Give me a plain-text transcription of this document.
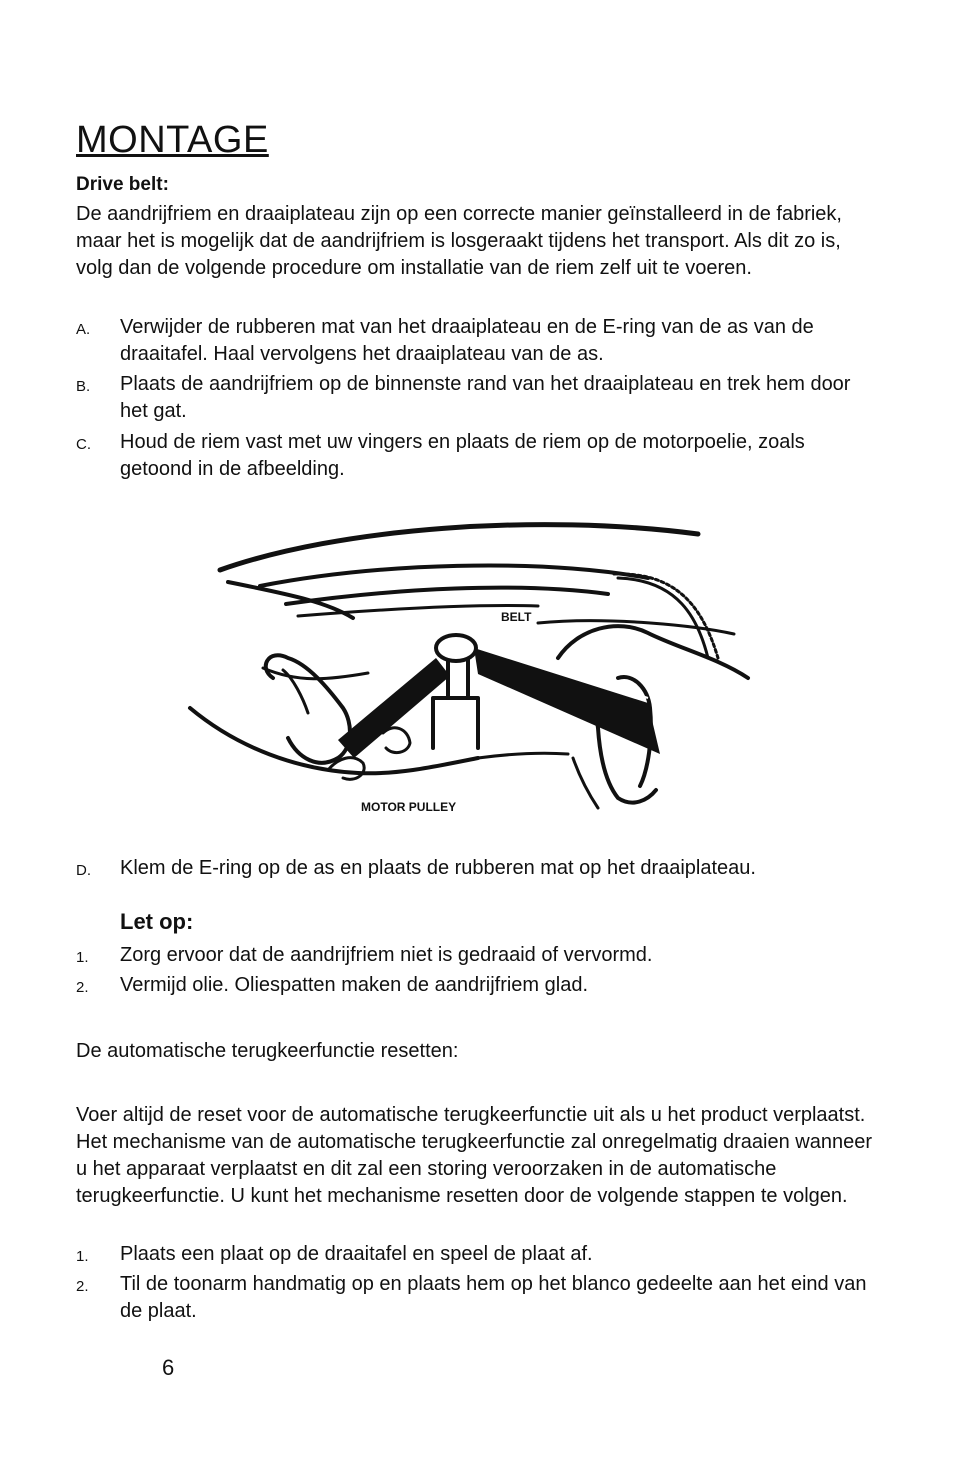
MONTAGE
Drive belt:

De aandrijfriem en draaiplateau zijn op een correcte manier geïnstalleerd in de fabriek, maar het is mogelijk dat de aandrijfriem is losgeraakt tijdens het transport. Als dit zo is, volg dan de volgende procedure om installatie van de riem zelf uit te voeren.

A.	Verwijder de rubberen mat van het draaiplateau en de E-ring van de as van de draaitafel. Haal vervolgens het draaiplateau van de as.
B.	Plaats de aandrijfriem op de binnenste rand van het draaiplateau en trek hem door het gat.
C.	Houd de riem vast met uw vingers en plaats de riem op de motorpoelie, zoals getoond in de afbeelding.
BELT
MOTOR PULLEY
D.	Klem de E-ring op de as en plaats de rubberen mat op het draaiplateau.
Let op:
1.	Zorg ervoor dat de aandrijfriem niet is gedraaid of vervormd.
2.	Vermijd olie. Oliespatten maken de aandrijfriem glad.

De automatische terugkeerfunctie resetten:

Voer altijd de reset voor de automatische terugkeerfunctie uit als u het product verplaatst. Het mechanisme van de automatische terugkeerfunctie zal onregelmatig draaien wanneer u het apparaat verplaatst en dit zal een storing veroorzaken in de automatische terugkeerfunctie. U kunt het mechanisme resetten door de volgende stappen te volgen.

1.	Plaats een plaat op de draaitafel en speel de plaat af.
2.	Til de toonarm handmatig op en plaats hem op het blanco gedeelte aan het eind van de plaat.
6
